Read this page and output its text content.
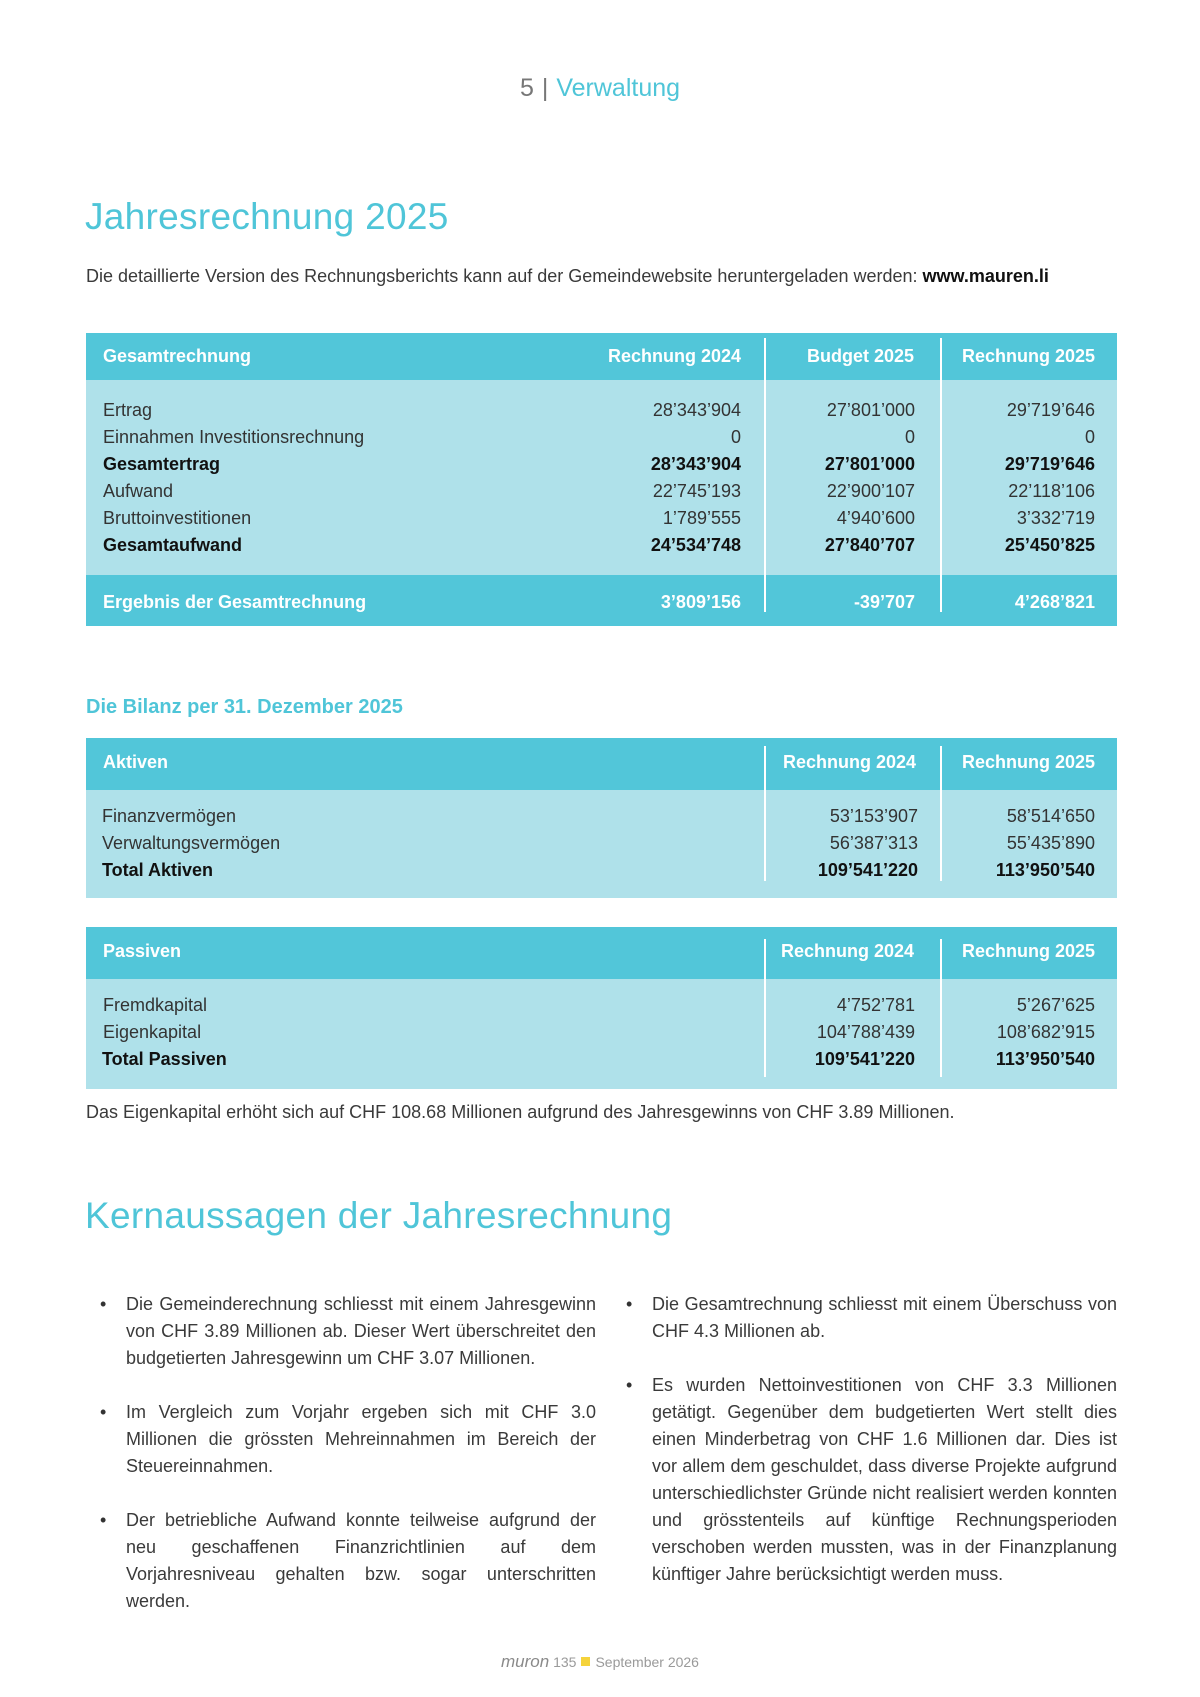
5 | Verwaltung
Jahresrechnung 2025
Die detaillierte Version des Rechnungsberichts kann auf der Gemeindewebsite heruntergeladen werden: www.mauren.li
Gesamtrechnung	Rechnung 2024	Budget 2025	Rechnung 2025
Ertrag	28’343’904	27’801’000	29’719’646
Einnahmen Investitionsrechnung	0	0	0
Gesamtertrag	28’343’904	27’801’000	29’719’646
Aufwand	22’745’193	22’900’107	22’118’106
Bruttoinvestitionen	1’789’555	4’940’600	3’332’719
Gesamtaufwand	24’534’748	27’840’707	25’450’825
Ergebnis der Gesamtrechnung	3’809’156	-39’707	4’268’821
Die Bilanz per 31. Dezember 2025
Aktiven	Rechnung 2024	Rechnung 2025
Finanzvermögen	53’153’907	58’514’650
Verwaltungsvermögen	56’387’313	55’435’890
Total Aktiven	109’541’220	113’950’540
Passiven	Rechnung 2024	Rechnung 2025
Fremdkapital	4’752’781	5’267’625
Eigenkapital	104’788’439	108’682’915
Total Passiven	109’541’220	113’950’540
Das Eigenkapital erhöht sich auf CHF 108.68 Millionen aufgrund des Jahresgewinns von CHF 3.89 Millionen.
Kernaussagen der Jahresrechnung
• Die Gemeinderechnung schliesst mit einem Jahresgewinn von CHF 3.89 Millionen ab. Dieser Wert überschreitet den budgetierten Jahresgewinn um CHF 3.07 Millionen.
• Im Vergleich zum Vorjahr ergeben sich mit CHF 3.0 Millionen die grössten Mehreinnahmen im Bereich der Steuereinnahmen.
• Der betriebliche Aufwand konnte teilweise aufgrund der neu geschaffenen Finanzrichtlinien auf dem Vorjahresniveau gehalten bzw. sogar unterschritten werden.
• Die Gesamtrechnung schliesst mit einem Überschuss von CHF 4.3 Millionen ab.
• Es wurden Nettoinvestitionen von CHF 3.3 Millionen getätigt. Gegenüber dem budgetierten Wert stellt dies einen Minderbetrag von CHF 1.6 Millionen dar. Dies ist vor allem dem geschuldet, dass diverse Projekte aufgrund unterschiedlichster Gründe nicht realisiert werden konnten und grösstenteils auf künftige Rechnungsperioden verschoben werden mussten, was in der Finanzplanung künftiger Jahre berücksichtigt werden muss.
muron 135 September 2026
